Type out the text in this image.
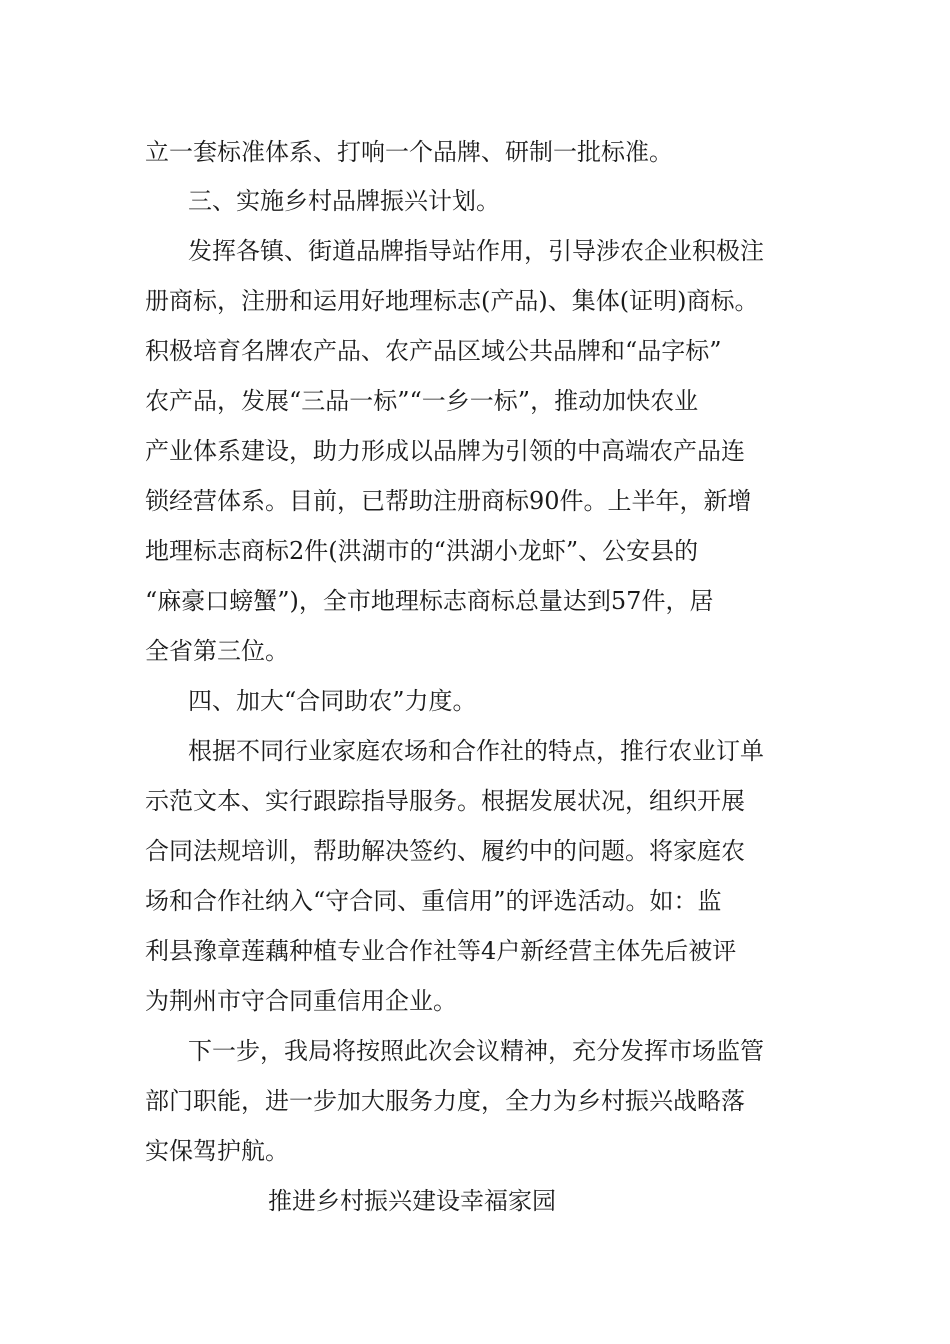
立一套标准体系、打响一个品牌、研制一批标准。
三、实施乡村品牌振兴计划。
发挥各镇、街道品牌指导站作用，引导涉农企业积极注
册商标，注册和运用好地理标志(产品)、集体(证明)商标。
积极培育名牌农产品、农产品区域公共品牌和“品字标”
农产品，发展“三品一标”“一乡一标”，推动加快农业
产业体系建设，助力形成以品牌为引领的中高端农产品连
锁经营体系。目前，已帮助注册商标90件。上半年，新增
地理标志商标2件(洪湖市的“洪湖小龙虾”、公安县的
“麻豪口螃蟹”)，全市地理标志商标总量达到57件，居
全省第三位。
四、加大“合同助农”力度。
根据不同行业家庭农场和合作社的特点，推行农业订单
示范文本、实行跟踪指导服务。根据发展状况，组织开展
合同法规培训，帮助解决签约、履约中的问题。将家庭农
场和合作社纳入“守合同、重信用”的评选活动。如：监
利县豫章莲藕种植专业合作社等4户新经营主体先后被评
为荆州市守合同重信用企业。
下一步，我局将按照此次会议精神，充分发挥市场监管
部门职能，进一步加大服务力度，全力为乡村振兴战略落
实保驾护航。
推进乡村振兴建设幸福家园
